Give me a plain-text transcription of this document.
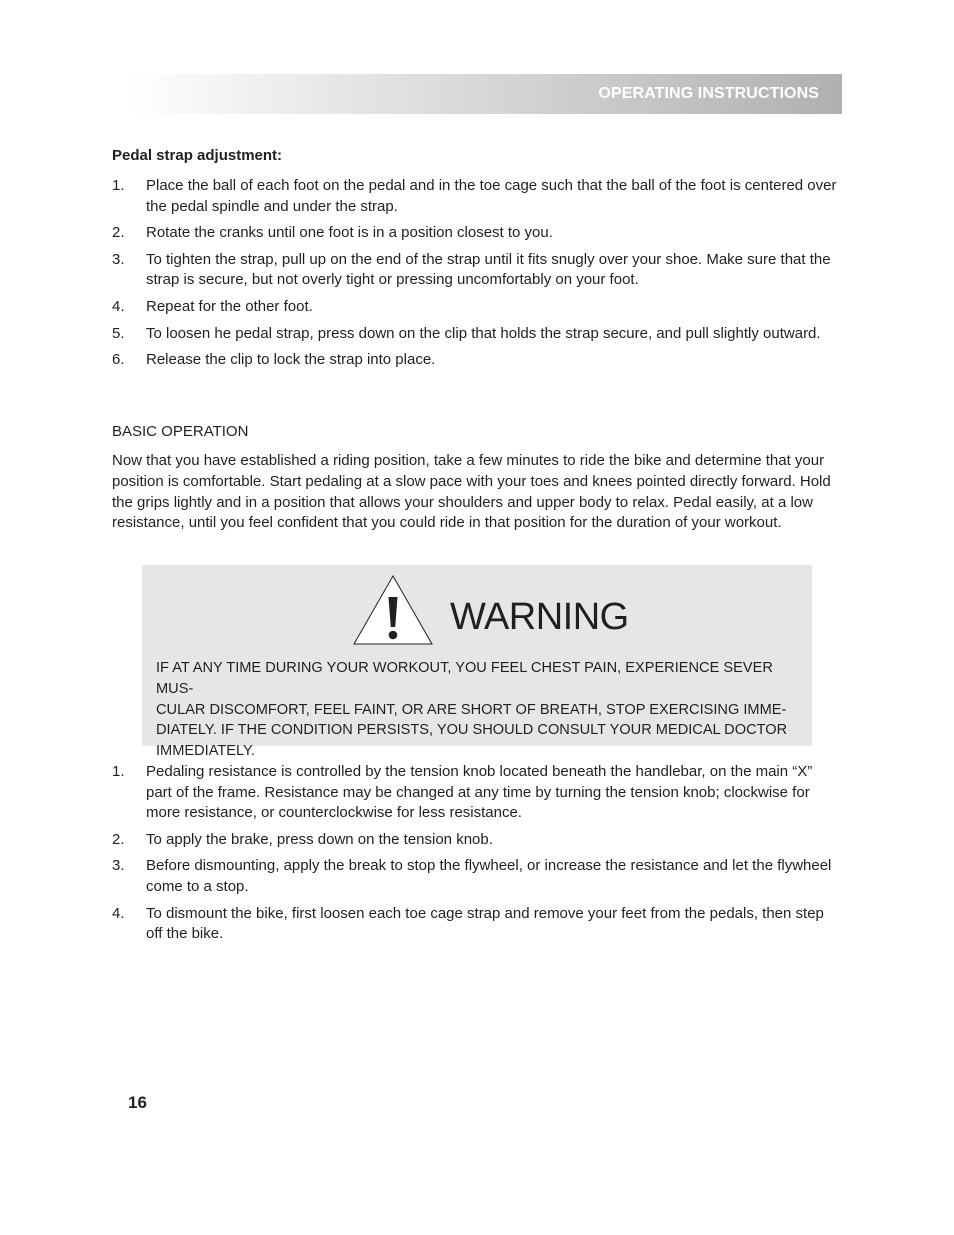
OPERATING INSTRUCTIONS
Pedal strap adjustment:
1. Place the ball of each foot on the pedal and in the toe cage such that the ball of the foot is centered over the pedal spindle and under the strap.
2. Rotate the cranks until one foot is in a position closest to you.
3. To tighten the strap, pull up on the end of the strap until it fits snugly over your shoe. Make sure that the strap is secure, but not overly tight or pressing uncomfortably on your foot.
4. Repeat for the other foot.
5. To loosen he pedal strap, press down on the clip that holds the strap secure, and pull slightly outward.
6. Release the clip to lock the strap into place.
BASIC OPERATION

Now that you have established a riding position, take a few minutes to ride the bike and determine that your position is comfortable. Start pedaling at a slow pace with your toes and knees pointed directly forward. Hold the grips lightly and in a position that allows your shoulders and upper body to relax. Pedal easily, at a low resistance, until you feel confident that you could ride in that position for the duration of your workout.

WARNING

IF AT ANY TIME DURING YOUR WORKOUT, YOU FEEL CHEST PAIN, EXPERIENCE SEVER MUS-
CULAR DISCOMFORT, FEEL FAINT, OR ARE SHORT OF BREATH, STOP EXERCISING IMME-
DIATELY. IF THE CONDITION PERSISTS, YOU SHOULD CONSULT YOUR MEDICAL DOCTOR
IMMEDIATELY.

1. Pedaling resistance is controlled by the tension knob located beneath the handlebar, on the main “X” part of the frame. Resistance may be changed at any time by turning the tension knob; clockwise for more resistance, or counterclockwise for less resistance.
2. To apply the brake, press down on the tension knob.
3. Before dismounting, apply the break to stop the flywheel, or increase the resistance and let the flywheel come to a stop.
4. To dismount the bike, first loosen each toe cage strap and remove your feet from the pedals, then step off the bike.
16
